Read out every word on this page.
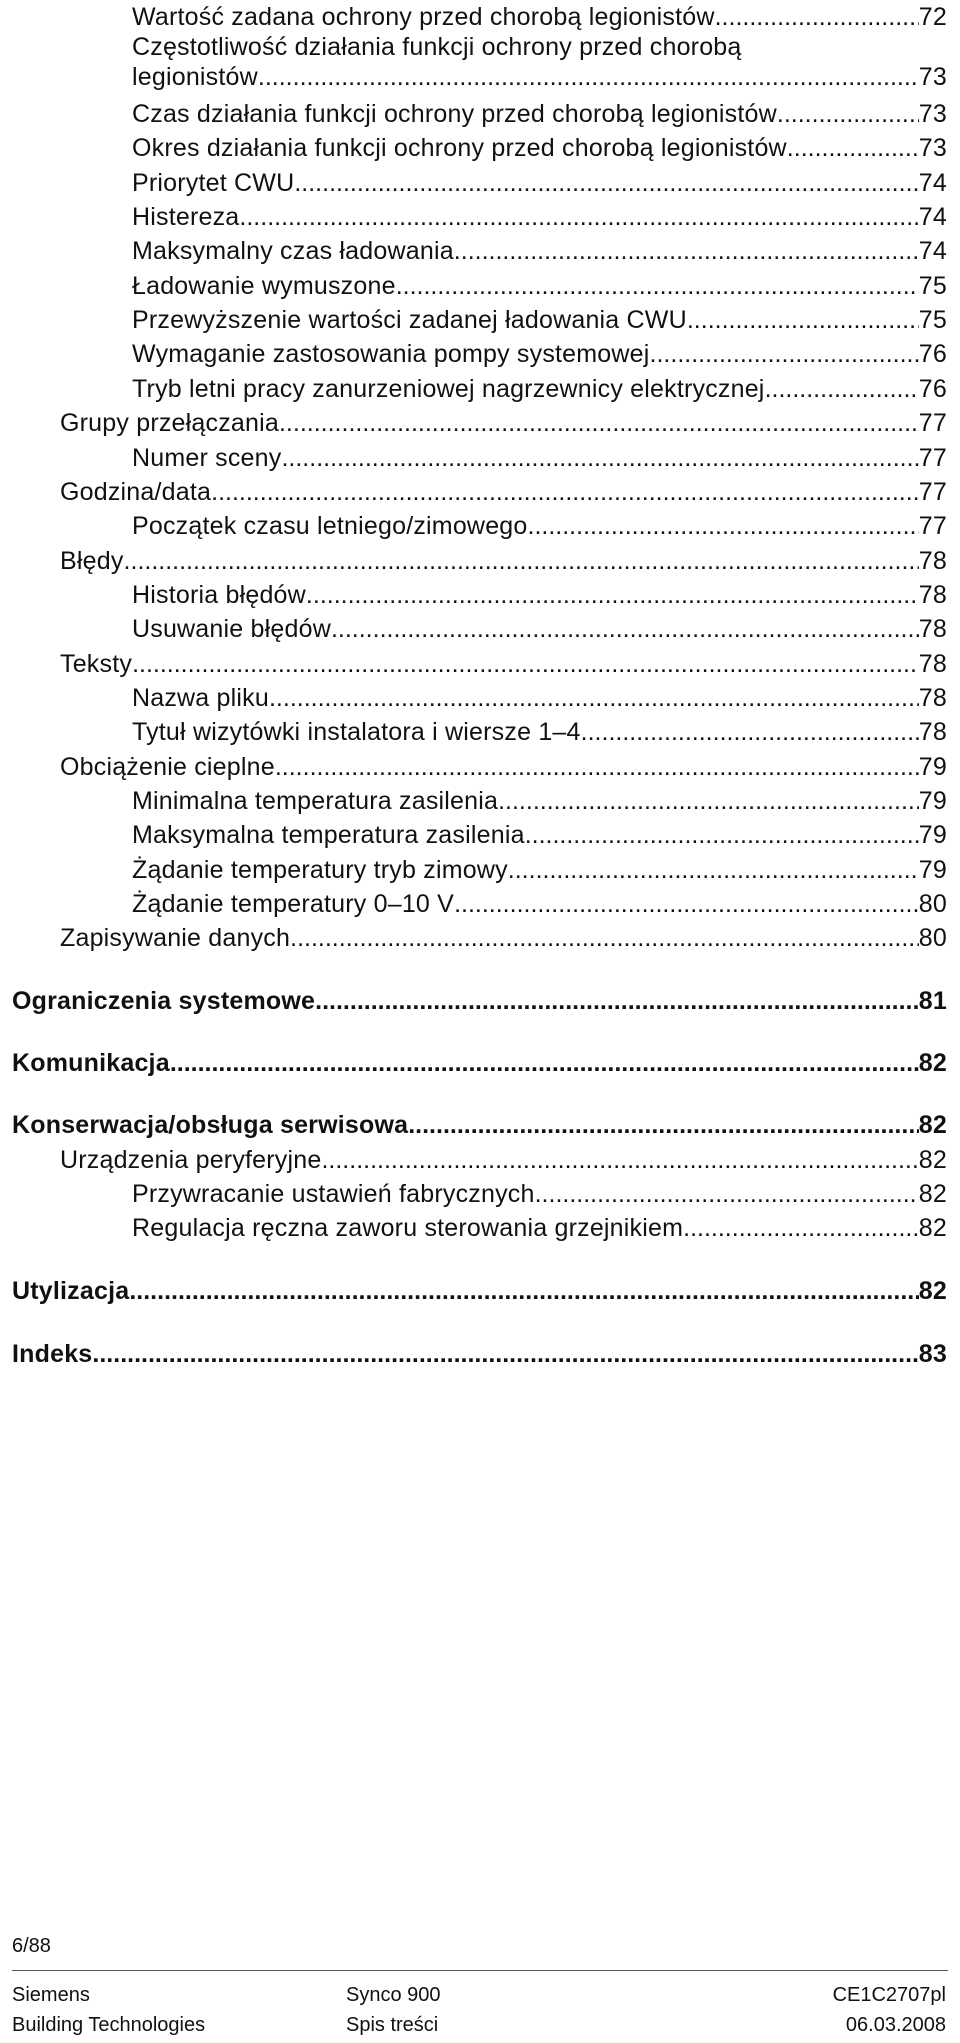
Wartość zadana ochrony przed chorobą legionistów .....	72
Częstotliwość działania funkcji ochrony przed chorobą
legionistów .....	73
Czas działania funkcji ochrony przed chorobą legionistów .....	73
Okres działania funkcji ochrony przed chorobą legionistów .....	73
Priorytet CWU .....	74
Histereza .....	74
Maksymalny czas ładowania .....	74
Ładowanie wymuszone .....	75
Przewyższenie wartości zadanej ładowania CWU .....	75
Wymaganie zastosowania pompy systemowej .....	76
Tryb letni pracy zanurzeniowej nagrzewnicy elektrycznej .....	76
Grupy przełączania .....	77
Numer sceny .....	77
Godzina/data .....	77
Początek czasu letniego/zimowego .....	77
Błędy .....	78
Historia błędów .....	78
Usuwanie błędów .....	78
Teksty .....	78
Nazwa pliku .....	78
Tytuł wizytówki instalatora i wiersze 1–4 .....	78
Obciążenie cieplne .....	79
Minimalna temperatura zasilenia .....	79
Maksymalna temperatura zasilenia .....	79
Żądanie temperatury tryb zimowy .....	79
Żądanie temperatury 0–10 V .....	80
Zapisywanie danych .....	80
Ograniczenia systemowe .....	81
Komunikacja .....	82
Konserwacja/obsługa serwisowa .....	82
Urządzenia peryferyjne .....	82
Przywracanie ustawień fabrycznych .....	82
Regulacja ręczna zaworu sterowania grzejnikiem .....	82
Utylizacja .....	82
Indeks .....	83
6/88
Siemens
Building Technologies
Synco 900
Spis treści
CE1C2707pl
06.03.2008
